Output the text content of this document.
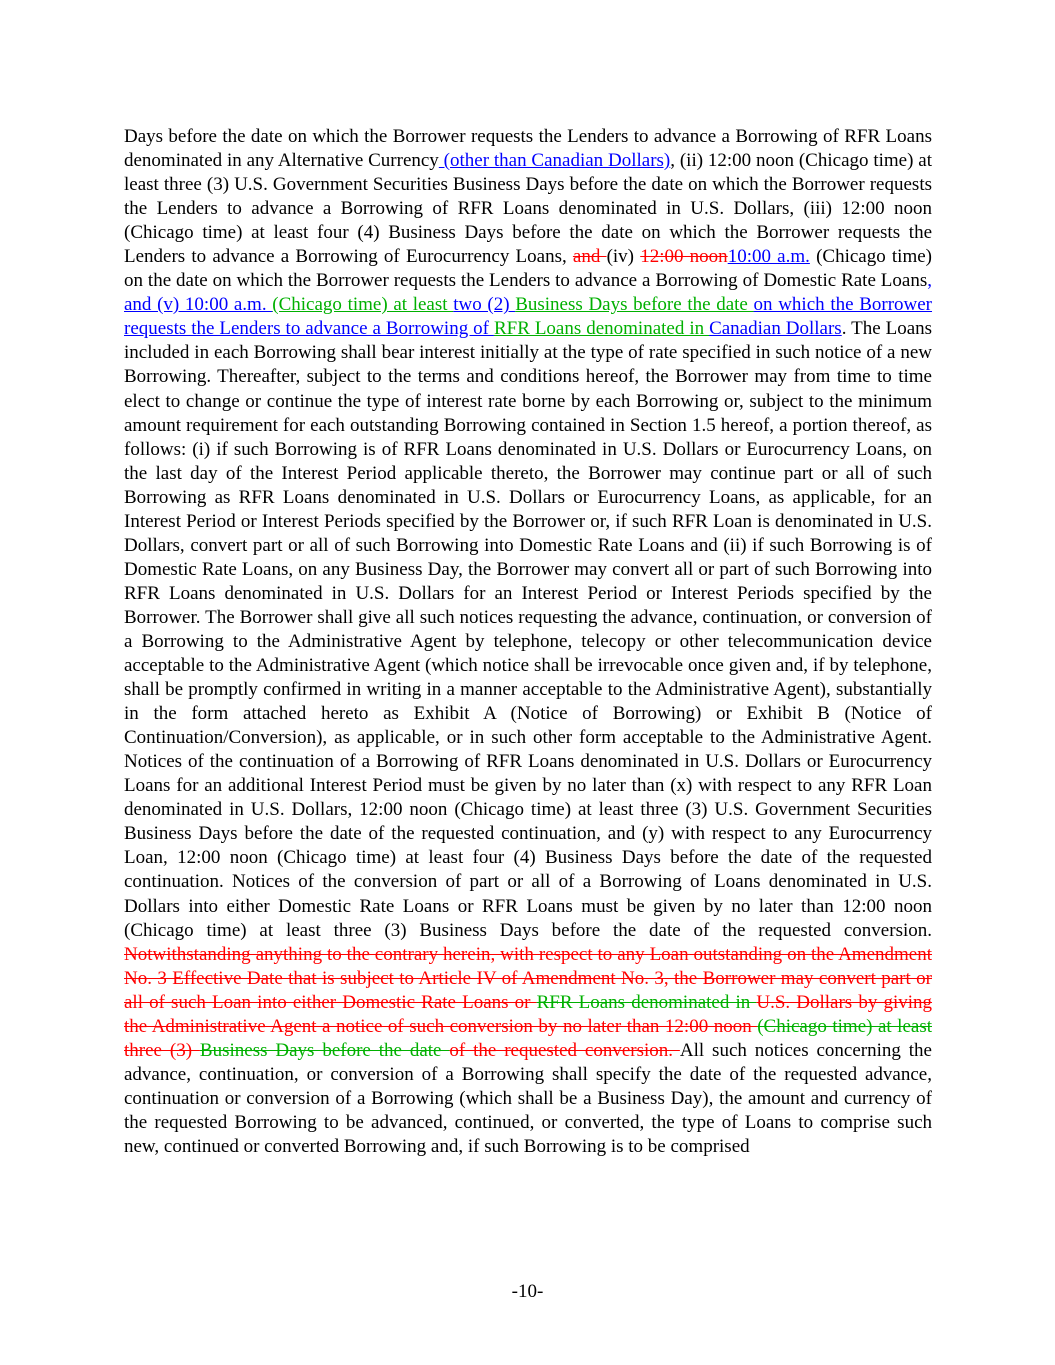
Days before the date on which the Borrower requests the Lenders to advance a Borrowing of RFR Loans denominated in any Alternative Currency (other than Canadian Dollars), (ii) 12:00 noon (Chicago time) at least three (3) U.S. Government Securities Business Days before the date on which the Borrower requests the Lenders to advance a Borrowing of RFR Loans denominated in U.S. Dollars, (iii) 12:00 noon (Chicago time) at least four (4) Business Days before the date on which the Borrower requests the Lenders to advance a Borrowing of Eurocurrency Loans, and (iv) 12:00 noon10:00 a.m. (Chicago time) on the date on which the Borrower requests the Lenders to advance a Borrowing of Domestic Rate Loans, and (v) 10:00 a.m. (Chicago time) at least two (2) Business Days before the date on which the Borrower requests the Lenders to advance a Borrowing of RFR Loans denominated in Canadian Dollars. The Loans included in each Borrowing shall bear interest initially at the type of rate specified in such notice of a new Borrowing. Thereafter, subject to the terms and conditions hereof, the Borrower may from time to time elect to change or continue the type of interest rate borne by each Borrowing or, subject to the minimum amount requirement for each outstanding Borrowing contained in Section 1.5 hereof, a portion thereof, as follows: (i) if such Borrowing is of RFR Loans denominated in U.S. Dollars or Eurocurrency Loans, on the last day of the Interest Period applicable thereto, the Borrower may continue part or all of such Borrowing as RFR Loans denominated in U.S. Dollars or Eurocurrency Loans, as applicable, for an Interest Period or Interest Periods specified by the Borrower or, if such RFR Loan is denominated in U.S. Dollars, convert part or all of such Borrowing into Domestic Rate Loans and (ii) if such Borrowing is of Domestic Rate Loans, on any Business Day, the Borrower may convert all or part of such Borrowing into RFR Loans denominated in U.S. Dollars for an Interest Period or Interest Periods specified by the Borrower. The Borrower shall give all such notices requesting the advance, continuation, or conversion of a Borrowing to the Administrative Agent by telephone, telecopy or other telecommunication device acceptable to the Administrative Agent (which notice shall be irrevocable once given and, if by telephone, shall be promptly confirmed in writing in a manner acceptable to the Administrative Agent), substantially in the form attached hereto as Exhibit A (Notice of Borrowing) or Exhibit B (Notice of Continuation/Conversion), as applicable, or in such other form acceptable to the Administrative Agent. Notices of the continuation of a Borrowing of RFR Loans denominated in U.S. Dollars or Eurocurrency Loans for an additional Interest Period must be given by no later than (x) with respect to any RFR Loan denominated in U.S. Dollars, 12:00 noon (Chicago time) at least three (3) U.S. Government Securities Business Days before the date of the requested continuation, and (y) with respect to any Eurocurrency Loan, 12:00 noon (Chicago time) at least four (4) Business Days before the date of the requested continuation. Notices of the conversion of part or all of a Borrowing of Loans denominated in U.S. Dollars into either Domestic Rate Loans or RFR Loans must be given by no later than 12:00 noon (Chicago time) at least three (3) Business Days before the date of the requested conversion. Notwithstanding anything to the contrary herein, with respect to any Loan outstanding on the Amendment No. 3 Effective Date that is subject to Article IV of Amendment No. 3, the Borrower may convert part or all of such Loan into either Domestic Rate Loans or RFR Loans denominated in U.S. Dollars by giving the Administrative Agent a notice of such conversion by no later than 12:00 noon (Chicago time) at least three (3) Business Days before the date of the requested conversion. All such notices concerning the advance, continuation, or conversion of a Borrowing shall specify the date of the requested advance, continuation or conversion of a Borrowing (which shall be a Business Day), the amount and currency of the requested Borrowing to be advanced, continued, or converted, the type of Loans to comprise such new, continued or converted Borrowing and, if such Borrowing is to be comprised

-10-
